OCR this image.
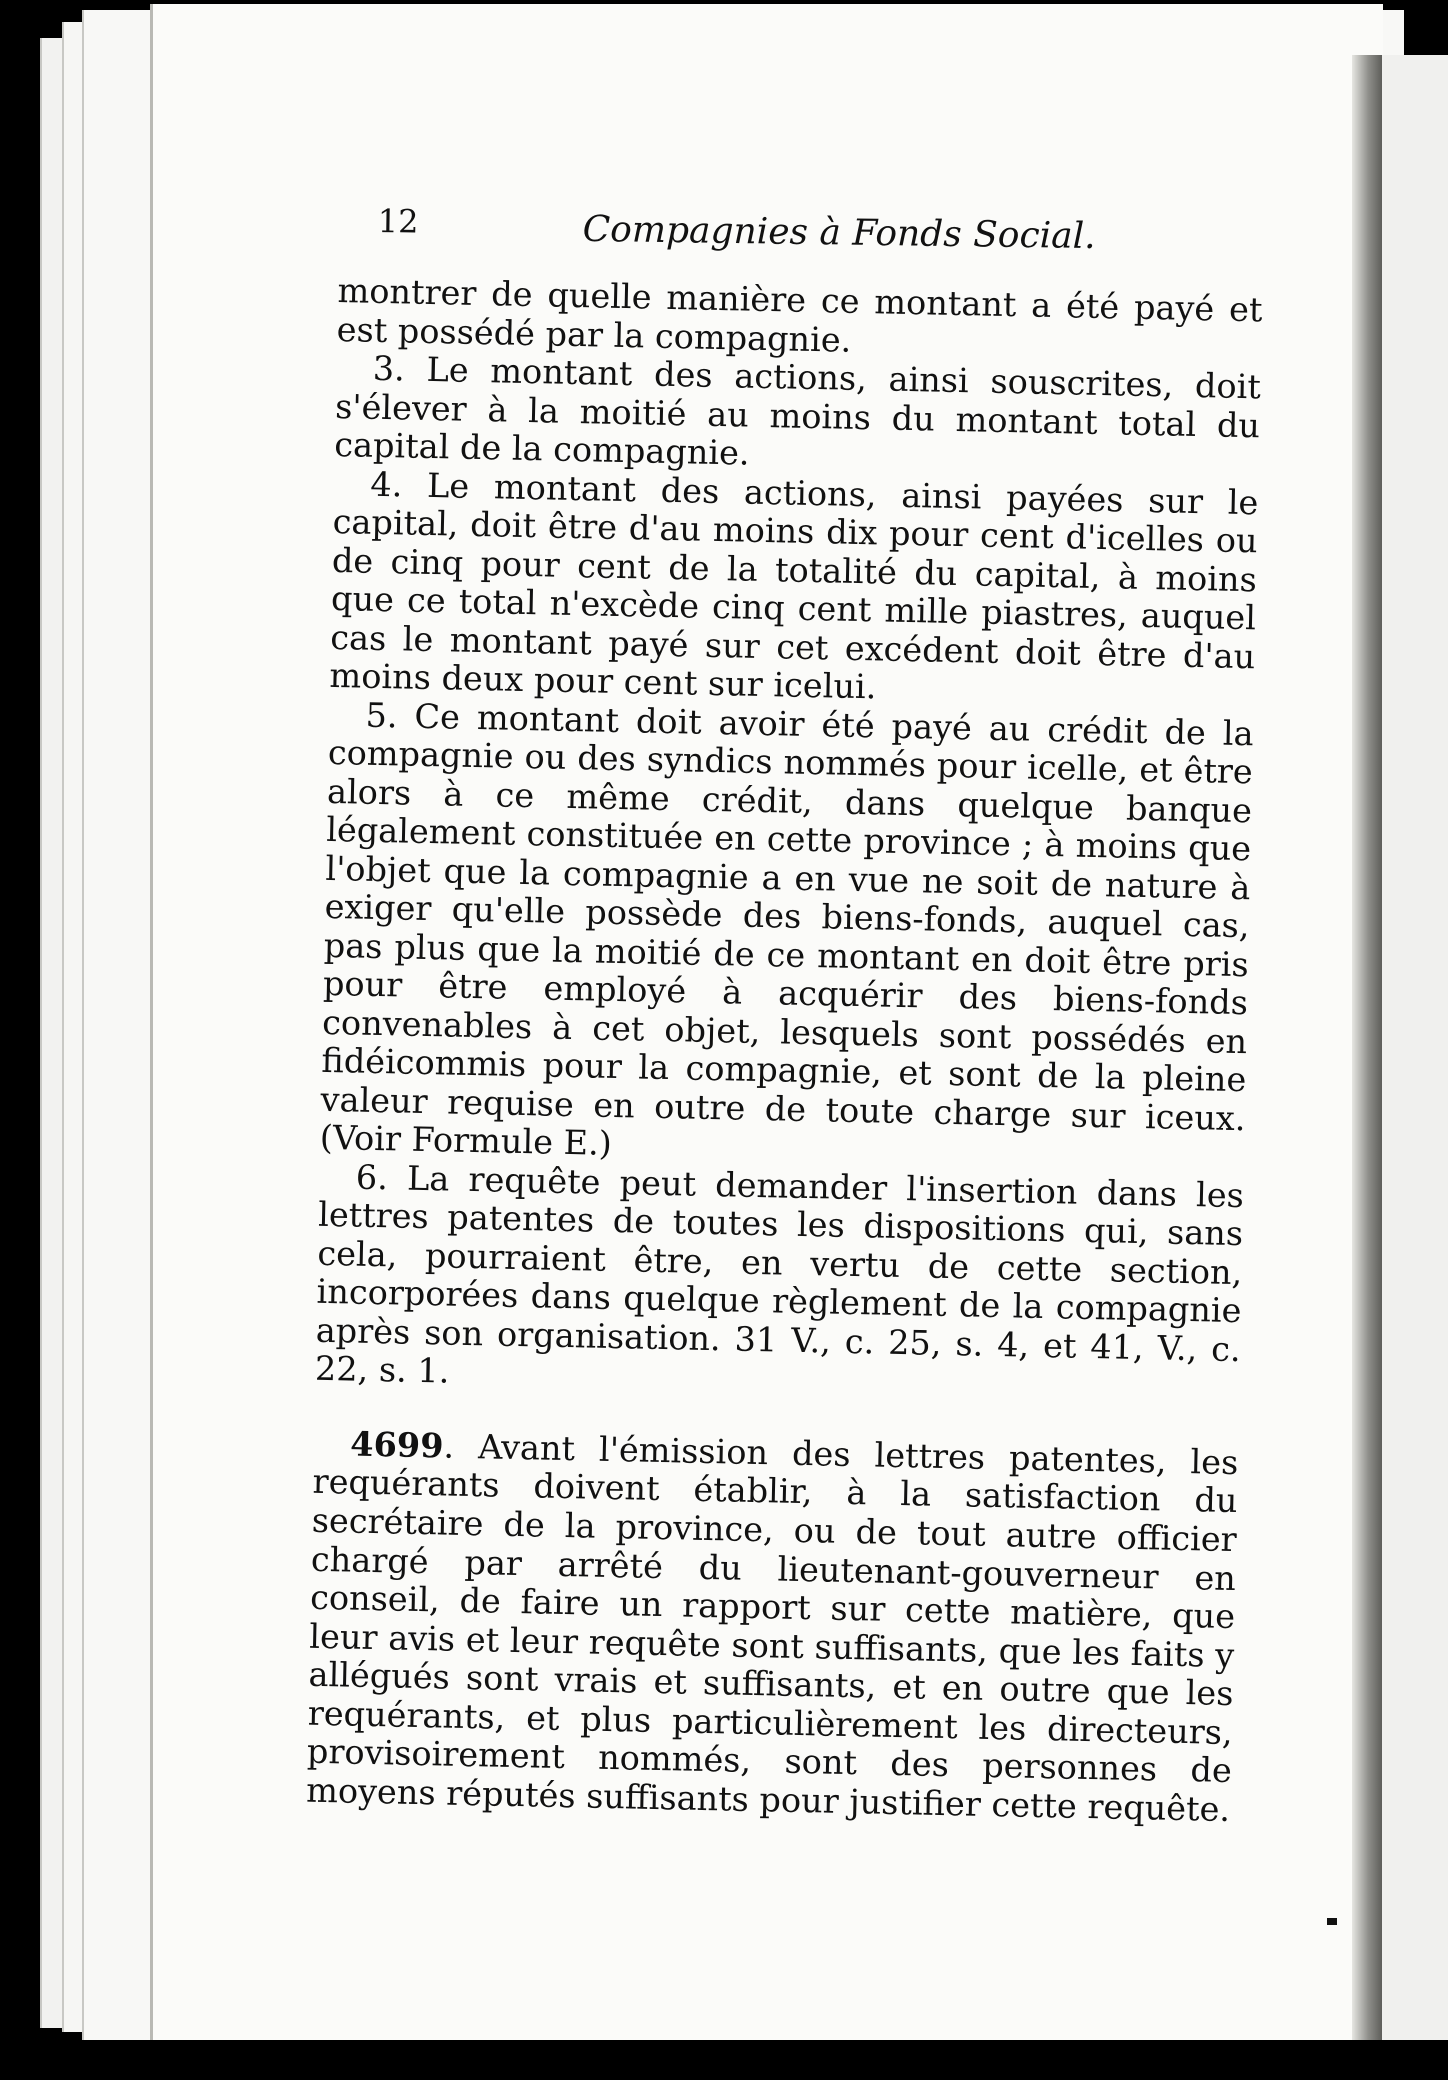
12	Compagnies à Fonds Social.

montrer de quelle manière ce montant a été payé et est possédé par la compagnie.

3. Le montant des actions, ainsi souscrites, doit s'élever à la moitié au moins du montant total du capital de la compagnie.

4. Le montant des actions, ainsi payées sur le capital, doit être d'au moins dix pour cent d'icelles ou de cinq pour cent de la totalité du capital, à moins que ce total n'excède cinq cent mille piastres, auquel cas le montant payé sur cet excédent doit être d'au moins deux pour cent sur icelui.

5. Ce montant doit avoir été payé au crédit de la compagnie ou des syndics nommés pour icelle, et être alors à ce même crédit, dans quelque banque légalement constituée en cette province ; à moins que l'objet que la compagnie a en vue ne soit de nature à exiger qu'elle possède des biens-fonds, auquel cas, pas plus que la moitié de ce montant en doit être pris pour être employé à acquérir des biens-fonds convenables à cet objet, lesquels sont possédés en fidéicommis pour la compagnie, et sont de la pleine valeur requise en outre de toute charge sur iceux. (Voir Formule E.)

6. La requête peut demander l'insertion dans les lettres patentes de toutes les dispositions qui, sans cela, pourraient être, en vertu de cette section, incorporées dans quelque règlement de la compagnie après son organisation. 31 V., c. 25, s. 4, et 41, V., c. 22, s. 1.

4699. Avant l'émission des lettres patentes, les requérants doivent établir, à la satisfaction du secrétaire de la province, ou de tout autre officier chargé par arrêté du lieutenant-gouverneur en conseil, de faire un rapport sur cette matière, que leur avis et leur requête sont suffisants, que les faits y allégués sont vrais et suffisants, et en outre que les requérants, et plus particulièrement les directeurs, provisoirement nommés, sont des personnes de moyens réputés suffisants pour justifier cette requête.
